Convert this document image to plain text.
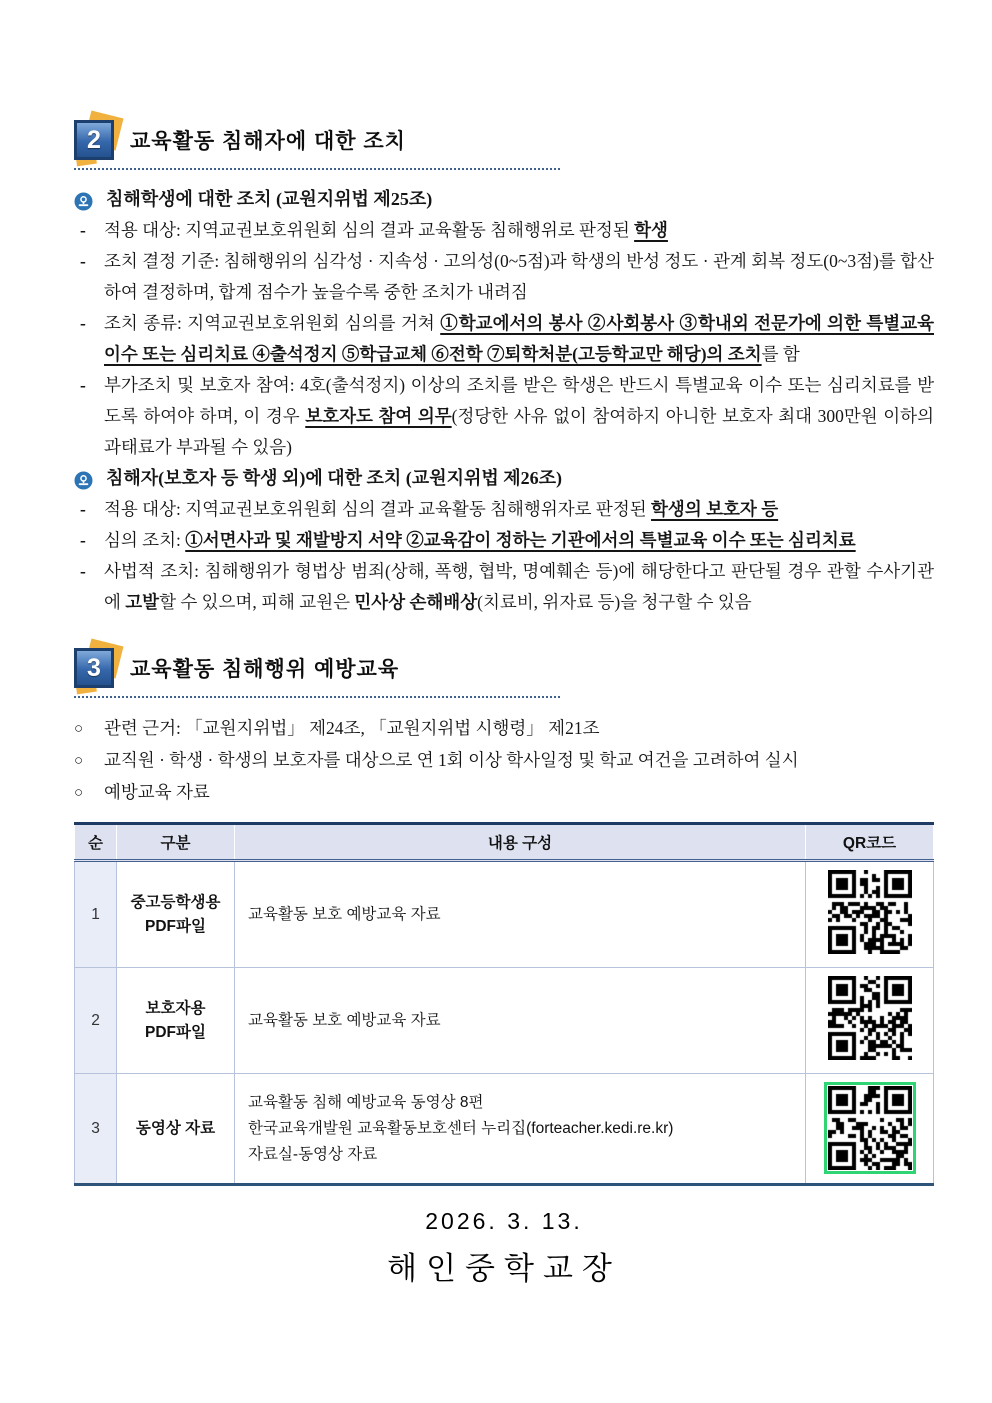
2	교육활동 침해자에 대한 조치
침해학생에 대한 조치 (교원지위법 제25조)
- 적용 대상: 지역교권보호위원회 심의 결과 교육활동 침해행위로 판정된 학생
- 조치 결정 기준: 침해행위의 심각성 · 지속성 · 고의성(0~5점)과 학생의 반성 정도 · 관계 회복 정도(0~3점)를 합산하여 결정하며, 합계 점수가 높을수록 중한 조치가 내려짐
- 조치 종류: 지역교권보호위원회 심의를 거쳐 ①학교에서의 봉사 ②사회봉사 ③학내외 전문가에 의한 특별교육 이수 또는 심리치료 ④출석정지 ⑤학급교체 ⑥전학 ⑦퇴학처분(고등학교만 해당)의 조치를 함
- 부가조치 및 보호자 참여: 4호(출석정지) 이상의 조치를 받은 학생은 반드시 특별교육 이수 또는 심리치료를 받도록 하여야 하며, 이 경우 보호자도 참여 의무(정당한 사유 없이 참여하지 아니한 보호자 최대 300만원 이하의 과태료가 부과될 수 있음)
침해자(보호자 등 학생 외)에 대한 조치 (교원지위법 제26조)
- 적용 대상: 지역교권보호위원회 심의 결과 교육활동 침해행위자로 판정된 학생의 보호자 등
- 심의 조치: ①서면사과 및 재발방지 서약 ②교육감이 정하는 기관에서의 특별교육 이수 또는 심리치료
- 사법적 조치: 침해행위가 형법상 범죄(상해, 폭행, 협박, 명예훼손 등)에 해당한다고 판단될 경우 관할 수사기관에 고발할 수 있으며, 피해 교원은 민사상 손해배상(치료비, 위자료 등)을 청구할 수 있음
3	교육활동 침해행위 예방교육
○ 관련 근거: 「교원지위법」 제24조, 「교원지위법 시행령」 제21조
○ 교직원 · 학생 · 학생의 보호자를 대상으로 연 1회 이상 학사일정 및 학교 여건을 고려하여 실시
○ 예방교육 자료
순	구분	내용 구성	QR코드
1	중고등학생용
PDF파일	교육활동 보호 예방교육 자료

2	보호자용
PDF파일	교육활동 보호 예방교육 자료

3	동영상 자료	교육활동 침해 예방교육 동영상 8편
한국교육개발원 교육활동보호센터 누리집(forteacher.kedi.re.kr)
자료실-동영상 자료

2026. 3. 13.
해인중학교장
